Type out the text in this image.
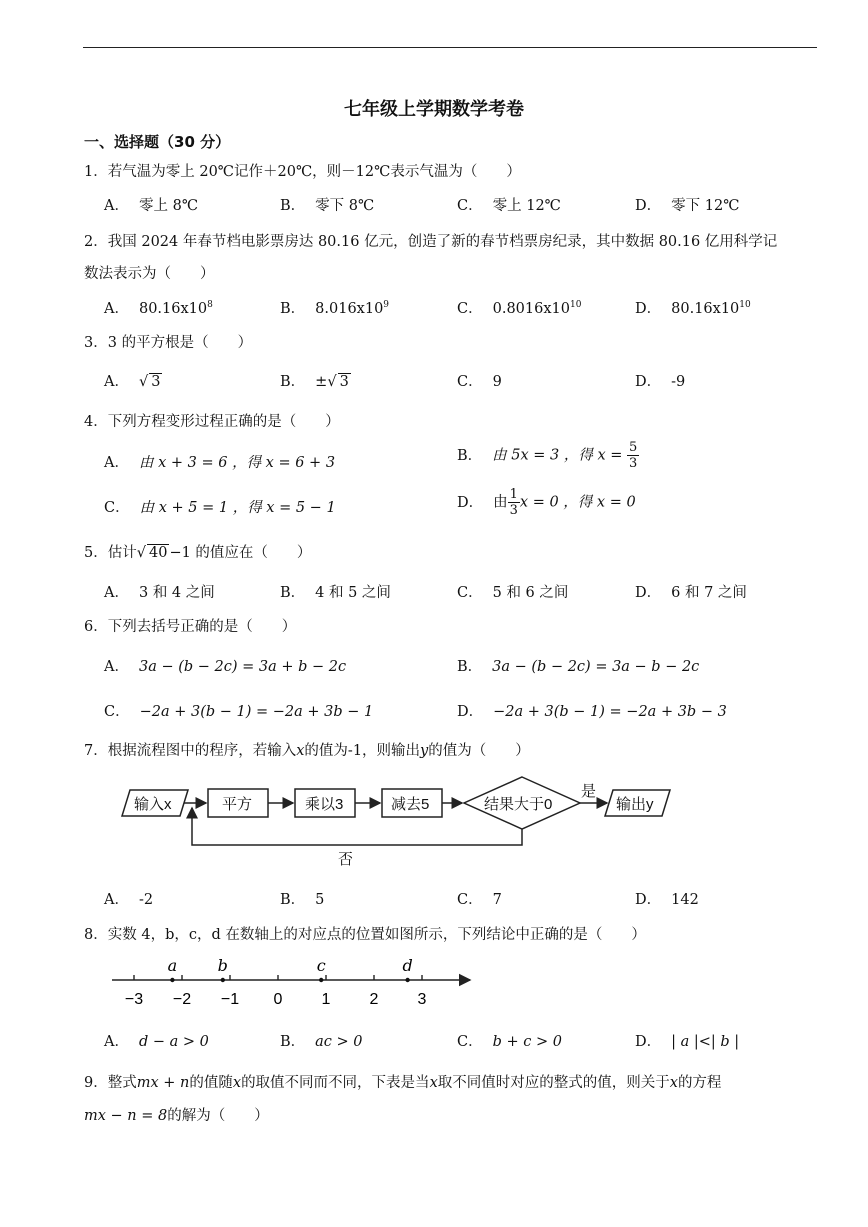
七年级上学期数学考卷
一、选择题（30 分）
1．若气温为零上 20℃记作＋20℃，则－12℃表示气温为（　　）
A． 零上 8℃	B． 零下 8℃	C． 零上 12℃	D． 零下 12℃
2．我国 2024 年春节档电影票房达 80.16 亿元，创造了新的春节档票房纪录，其中数据 80.16 亿用科学记
数法表示为（　　）
A． $80.16x10^8$	B． $8.016x10^9$	C． $0.8016x10^{10}$	D． $80.16x10^{10}$
3．3 的平方根是（　　）
A． √ 3	B． ±√ 3	C． 9	D． -9
4．下列方程变形过程正确的是（　　）
A． 由 x + 3 = 6 ，得 x = 6 + 3	B． 由 5x = 3 ，得 $x = \frac{5}{3}$
C． 由 x + 5 = 1 ，得 x = 5 − 1	D． 由 $\frac{1}{3}$ x = 0 ，得 x = 0
5．估计√ 40 −1 的值应在（　　）
A． 3 和 4 之间	B． 4 和 5 之间	C． 5 和 6 之间	D． 6 和 7 之间
6．下列去括号正确的是（　　）
A． 3a − (b − 2c) = 3a + b − 2c	B． 3a − (b − 2c) = 3a − b − 2c
C． −2a + 3(b − 1) = −2a + 3b − 1	D． −2a + 3(b − 1) = −2a + 3b − 3
7．根据流程图中的程序，若输入x的值为-1，则输出y的值为（　　）
输入x	平方	乘以3	减去5	结果大于0
是
输出y
否
A． -2	B． 5	C． 7	D． 142
8．实数 4，b，c，d 在数轴上的对应点的位置如图所示，下列结论中正确的是（　　）
−3 −2 −1 0 1 2 3
a	b	c	d
A． d − a > 0	B． ac > 0	C． b + c > 0	D． | a |<| b |
9．整式mx + n的值随x的取值不同而不同，下表是当x取不同值时对应的整式的值，则关于x的方程
mx − n = 8的解为（　　）
